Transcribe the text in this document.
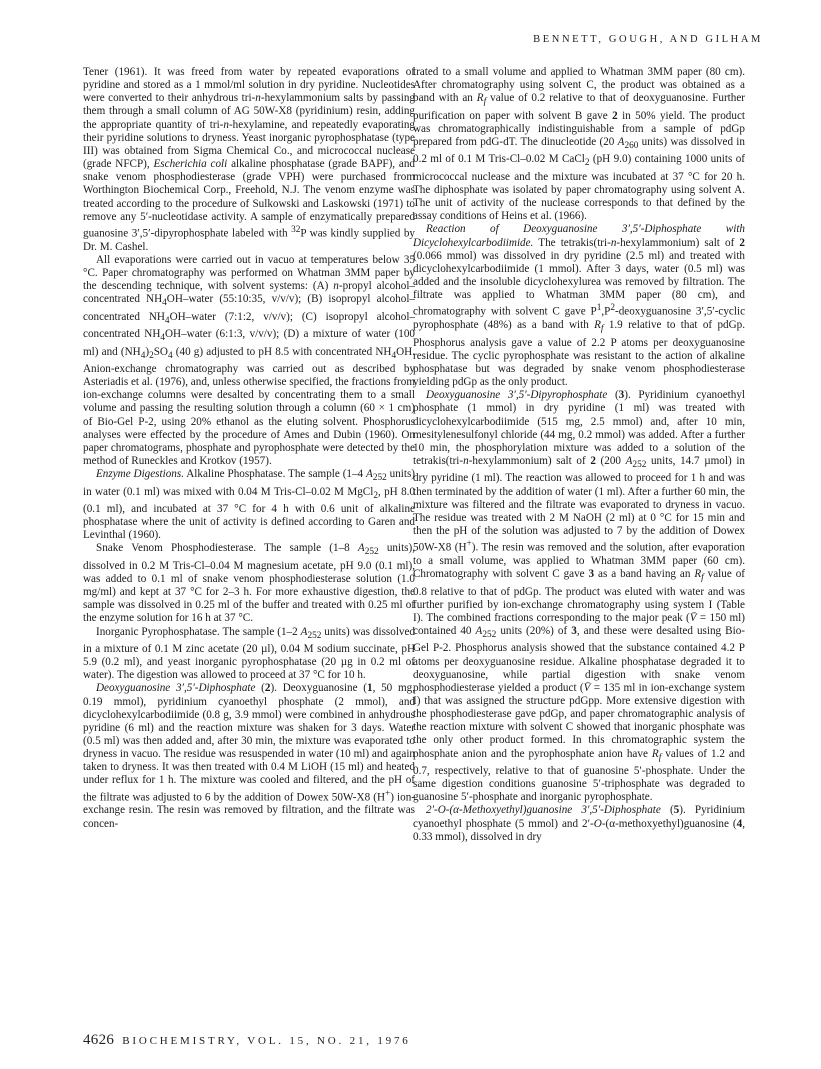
BENNETT, GOUGH, AND GILHAM

Tener (1961). It was freed from water by repeated evaporations of pyridine and stored as a 1 mmol/ml solution in dry pyridine. Nucleotides were converted to their anhydrous tri-n-hexylammonium salts by passing them through a small column of AG 50W-X8 (pyridinium) resin, adding the appropriate quantity of tri-n-hexylamine, and repeatedly evaporating their pyridine solutions to dryness. Yeast inorganic pyrophosphatase (type III) was obtained from Sigma Chemical Co., and micrococcal nuclease (grade NFCP), Escherichia coli alkaline phosphatase (grade BAPF), and snake venom phosphodiesterase (grade VPH) were purchased from Worthington Biochemical Corp., Freehold, N.J. The venom enzyme was treated according to the procedure of Sulkowski and Laskowski (1971) to remove any 5′-nucleotidase activity. A sample of enzymatically prepared guanosine 3′,5′-dipyrophosphate labeled with $^{32}$P was kindly supplied by Dr. M. Cashel.

All evaporations were carried out in vacuo at temperatures below 35 °C. Paper chromatography was performed on Whatman 3MM paper by the descending technique, with solvent systems: (A) n-propyl alcohol–concentrated $NH_4OH$–water (55:10:35, v/v/v); (B) isopropyl alcohol–concentrated $NH_4OH$–water (7:1:2, v/v/v); (C) isopropyl alcohol–concentrated $NH_4OH$–water (6:1:3, v/v/v); (D) a mixture of water (100 ml) and $(NH_4)_2SO_4$ (40 g) adjusted to pH 8.5 with concentrated $NH_4OH$. Anion-exchange chromatography was carried out as described by Asteriadis et al. (1976), and, unless otherwise specified, the fractions from ion-exchange columns were desalted by concentrating them to a small volume and passing the resulting solution through a column (60 × 1 cm) of Bio-Gel P-2, using 20% ethanol as the eluting solvent. Phosphorus analyses were effected by the procedure of Ames and Dubin (1960). On paper chromatograms, phosphate and pyrophosphate were detected by the method of Runeckles and Krotkov (1957).

Enzyme Digestions. Alkaline Phosphatase. The sample (1–4 $A_{252}$ units) in water (0.1 ml) was mixed with 0.04 M Tris-Cl–0.02 M MgCl$_2$, pH 8.0 (0.1 ml), and incubated at 37 °C for 4 h with 0.6 unit of alkaline phosphatase where the unit of activity is defined according to Garen and Levinthal (1960).

Snake Venom Phosphodiesterase. The sample (1–8 $A_{252}$ units), dissolved in 0.2 M Tris-Cl–0.04 M magnesium acetate, pH 9.0 (0.1 ml), was added to 0.1 ml of snake venom phosphodiesterase solution (1.0 mg/ml) and kept at 37 °C for 2–3 h. For more exhaustive digestion, the sample was dissolved in 0.25 ml of the buffer and treated with 0.25 ml of the enzyme solution for 16 h at 37 °C.

Inorganic Pyrophosphatase. The sample (1–2 $A_{252}$ units) was dissolved in a mixture of 0.1 M zinc acetate (20 µl), 0.04 M sodium succinate, pH 5.9 (0.2 ml), and yeast inorganic pyrophosphatase (20 µg in 0.2 ml of water). The digestion was allowed to proceed at 37 °C for 10 h.

Deoxyguanosine 3′,5′-Diphosphate (2). Deoxyguanosine (1, 50 mg, 0.19 mmol), pyridinium cyanoethyl phosphate (2 mmol), and dicyclohexylcarbodiimide (0.8 g, 3.9 mmol) were combined in anhydrous pyridine (6 ml) and the reaction mixture was shaken for 3 days. Water (0.5 ml) was then added and, after 30 min, the mixture was evaporated to dryness in vacuo. The residue was resuspended in water (10 ml) and again taken to dryness. It was then treated with 0.4 M LiOH (15 ml) and heated under reflux for 1 h. The mixture was cooled and filtered, and the pH of the filtrate was adjusted to 6 by the addition of Dowex 50W-X8 (H+) ion-exchange resin. The resin was removed by filtration, and the filtrate was concen-

trated to a small volume and applied to Whatman 3MM paper (80 cm). After chromatography using solvent C, the product was obtained as a band with an $R_f$ value of 0.2 relative to that of deoxyguanosine. Further purification on paper with solvent B gave 2 in 50% yield. The product was chromatographically indistinguishable from a sample of pdGp prepared from pdG-dT. The dinucleotide (20 $A_{260}$ units) was dissolved in 0.2 ml of 0.1 M Tris-Cl–0.02 M CaCl$_2$ (pH 9.0) containing 1000 units of micrococcal nuclease and the mixture was incubated at 37 °C for 20 h. The diphosphate was isolated by paper chromatography using solvent A. The unit of activity of the nuclease corresponds to that defined by the assay conditions of Heins et al. (1966).

Reaction of Deoxyguanosine 3′,5′-Diphosphate with Dicyclohexylcarbodiimide. The tetrakis(tri-n-hexylammonium) salt of 2 (0.066 mmol) was dissolved in dry pyridine (2.5 ml) and treated with dicyclohexylcarbodiimide (1 mmol). After 3 days, water (0.5 ml) was added and the insoluble dicyclohexylurea was removed by filtration. The filtrate was applied to Whatman 3MM paper (80 cm), and chromatography with solvent C gave $P^1,P^2$-deoxyguanosine 3′,5′-cyclic pyrophosphate (48%) as a band with $R_f$ 1.9 relative to that of pdGp. Phosphorus analysis gave a value of 2.2 P atoms per deoxyguanosine residue. The cyclic pyrophosphate was resistant to the action of alkaline phosphatase but was degraded by snake venom phosphodiesterase yielding pdGp as the only product.

Deoxyguanosine 3′,5′-Dipyrophosphate (3). Pyridinium cyanoethyl phosphate (1 mmol) in dry pyridine (1 ml) was treated with dicyclohexylcarbodiimide (515 mg, 2.5 mmol) and, after 10 min, mesitylenesulfonyl chloride (44 mg, 0.2 mmol) was added. After a further 10 min, the phosphorylation mixture was added to a solution of the tetrakis(tri-n-hexylammonium) salt of 2 (200 $A_{252}$ units, 14.7 µmol) in dry pyridine (1 ml). The reaction was allowed to proceed for 1 h and was then terminated by the addition of water (1 ml). After a further 60 min, the mixture was filtered and the filtrate was evaporated to dryness in vacuo. The residue was treated with 2 M NaOH (2 ml) at 0 °C for 15 min and then the pH of the solution was adjusted to 7 by the addition of Dowex 50W-X8 (H+). The resin was removed and the solution, after evaporation to a small volume, was applied to Whatman 3MM paper (60 cm). Chromatography with solvent C gave 3 as a band having an $R_f$ value of 0.8 relative to that of pdGp. The product was eluted with water and was further purified by ion-exchange chromatography using system I (Table I). The combined fractions corresponding to the major peak (V̄ = 150 ml) contained 40 $A_{252}$ units (20%) of 3, and these were desalted using Bio-Gel P-2. Phosphorus analysis showed that the substance contained 4.2 P atoms per deoxyguanosine residue. Alkaline phosphatase degraded it to deoxyguanosine, while partial digestion with snake venom phosphodiesterase yielded a product (V̄ = 135 ml in ion-exchange system I) that was assigned the structure pdGpp. More extensive digestion with the phosphodiesterase gave pdGp, and paper chromatographic analysis of the reaction mixture with solvent C showed that inorganic phosphate was the only other product formed. In this chromatographic system the phosphate anion and the pyrophosphate anion have $R_f$ values of 1.2 and 0.7, respectively, relative to that of guanosine 5′-phosphate. Under the same digestion conditions guanosine 5′-triphosphate was degraded to guanosine 5′-phosphate and inorganic pyrophosphate.

2′-O-(α-Methoxyethyl)guanosine 3′,5′-Diphosphate (5). Pyridinium cyanoethyl phosphate (5 mmol) and 2′-O-(α-methoxyethyl)guanosine (4, 0.33 mmol), dissolved in dry

4626 BIOCHEMISTRY, VOL. 15, NO. 21, 1976
